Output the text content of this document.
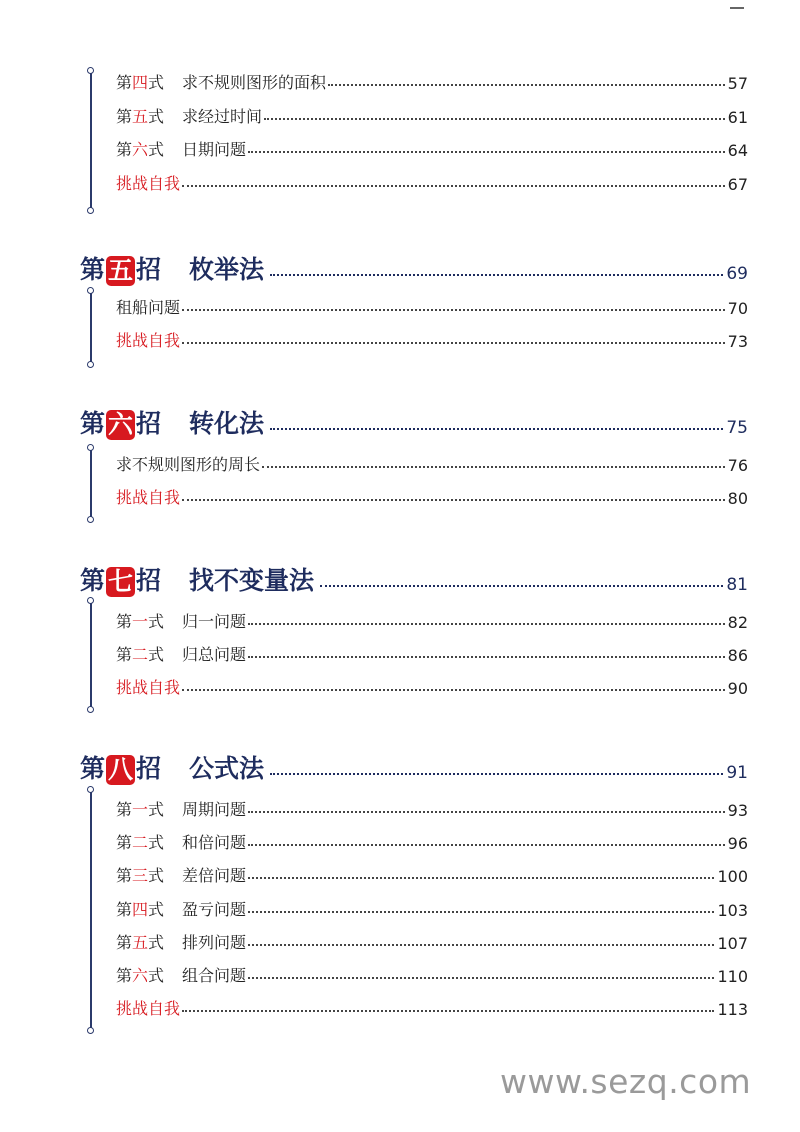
第四式 求不规则图形的面积	57
第五式 求经过时间	61
第六式 日期问题	64
挑战自我	67
第 五 招 枚举法	69
租船问题	70
挑战自我	73
第 六 招 转化法	75
求不规则图形的周长	76
挑战自我	80
第 七 招 找不变量法	81
第一式 归一问题	82
第二式 归总问题	86
挑战自我	90
第 八 招 公式法	91
第一式 周期问题	93
第二式 和倍问题	96
第三式 差倍问题	100
第四式 盈亏问题	103
第五式 排列问题	107
第六式 组合问题	110
挑战自我	113
www.sezq.com
